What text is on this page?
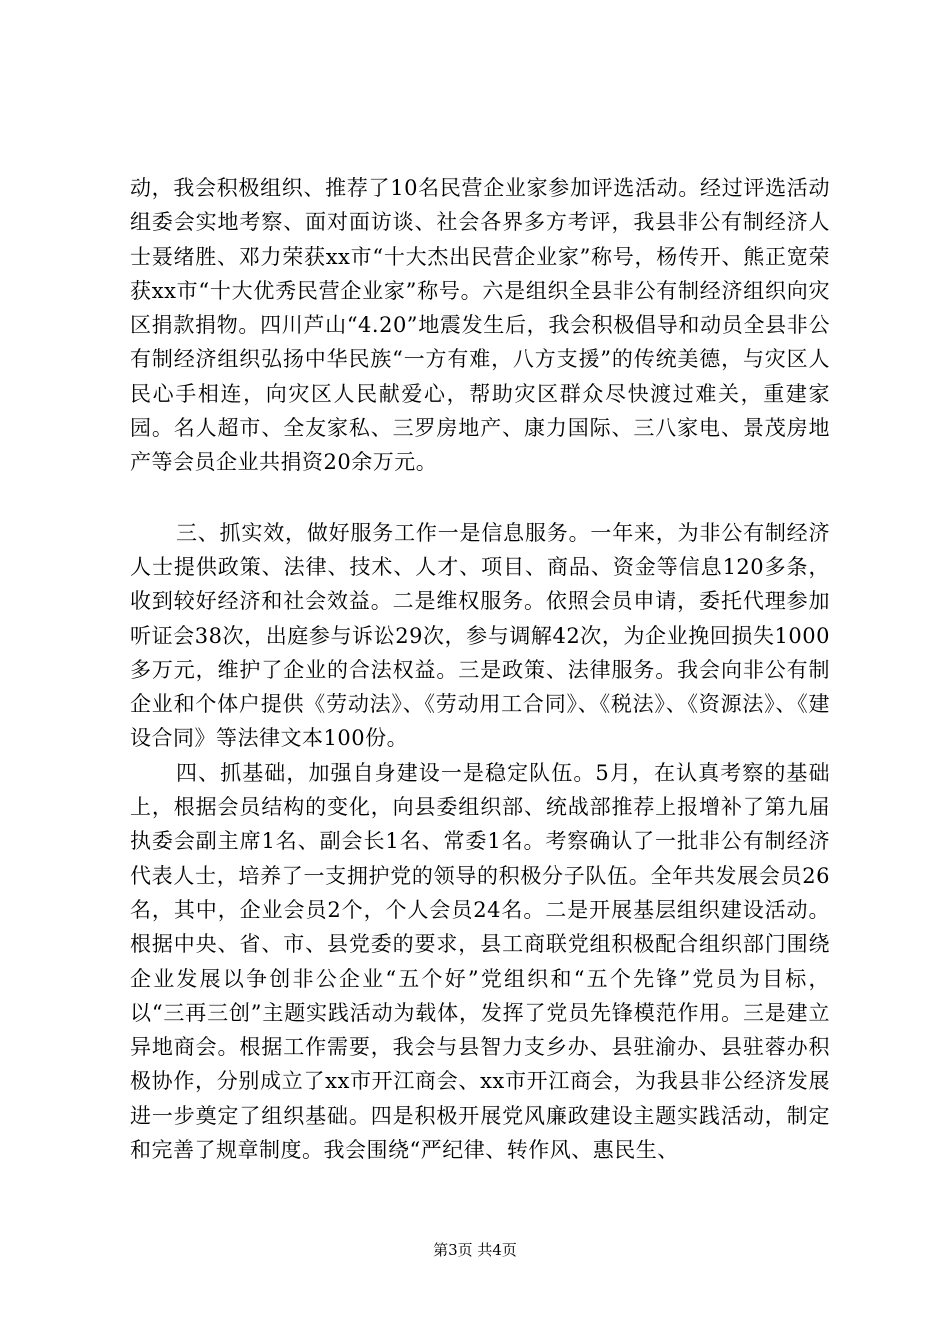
动，我会积极组织、推荐了10名民营企业家参加评选活动。经过评选活动组委会实地考察、面对面访谈、社会各界多方考评，我县非公有制经济人士聂绪胜、邓力荣获xx市“十大杰出民营企业家”称号，杨传开、熊正宽荣获xx市“十大优秀民营企业家”称号。六是组织全县非公有制经济组织向灾区捐款捐物。四川芦山“4.20”地震发生后，我会积极倡导和动员全县非公有制经济组织弘扬中华民族“一方有难，八方支援”的传统美德，与灾区人民心手相连，向灾区人民献爱心，帮助灾区群众尽快渡过难关，重建家园。名人超市、全友家私、三罗房地产、康力国际、三八家电、景茂房地产等会员企业共捐资20余万元。

三、抓实效，做好服务工作一是信息服务。一年来，为非公有制经济人士提供政策、法律、技术、人才、项目、商品、资金等信息120多条，收到较好经济和社会效益。二是维权服务。依照会员申请，委托代理参加听证会38次，出庭参与诉讼29次，参与调解42次，为企业挽回损失1000多万元，维护了企业的合法权益。三是政策、法律服务。我会向非公有制企业和个体户提供《劳动法》、《劳动用工合同》、《税法》、《资源法》、《建设合同》等法律文本100份。

四、抓基础，加强自身建设一是稳定队伍。5月，在认真考察的基础上，根据会员结构的变化，向县委组织部、统战部推荐上报增补了第九届执委会副主席1名、副会长1名、常委1名。考察确认了一批非公有制经济代表人士，培养了一支拥护党的领导的积极分子队伍。全年共发展会员26名，其中，企业会员2个，个人会员24名。二是开展基层组织建设活动。根据中央、省、市、县党委的要求，县工商联党组积极配合组织部门围绕企业发展以争创非公企业“五个好”党组织和“五个先锋”党员为目标，以“三再三创”主题实践活动为载体，发挥了党员先锋模范作用。三是建立异地商会。根据工作需要，我会与县智力支乡办、县驻渝办、县驻蓉办积极协作，分别成立了xx市开江商会、xx市开江商会，为我县非公经济发展进一步奠定了组织基础。四是积极开展党风廉政建设主题实践活动，制定和完善了规章制度。我会围绕“严纪律、转作风、惠民生、

第3页 共4页
